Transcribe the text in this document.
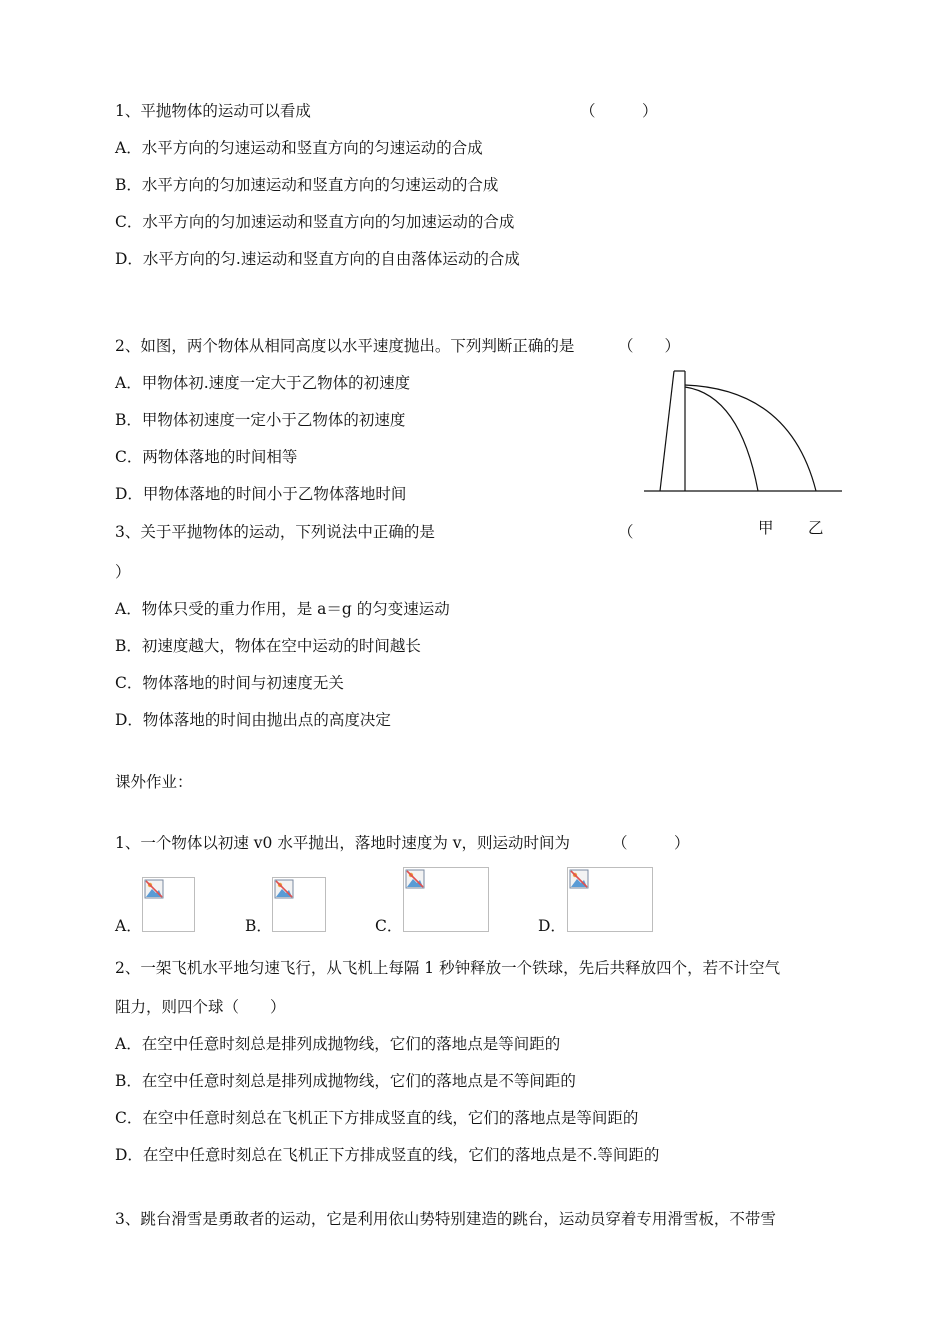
1、平抛物体的运动可以看成	（　　　）
A．水平方向的匀速运动和竖直方向的匀速运动的合成
B．水平方向的匀加速运动和竖直方向的匀速运动的合成
C．水平方向的匀加速运动和竖直方向的匀加速运动的合成
D．水平方向的匀.速运动和竖直方向的自由落体运动的合成
2、如图，两个物体从相同高度以水平速度抛出。下列判断正确的是	（　　）
A．甲物体初.速度一定大于乙物体的初速度
B．甲物体初速度一定小于乙物体的初速度
C．两物体落地的时间相等
D．甲物体落地的时间小于乙物体落地时间
甲 乙
3、关于平抛物体的运动，下列说法中正确的是	（
）
A．物体只受的重力作用，是 a＝g 的匀变速运动
B．初速度越大，物体在空中运动的时间越长
C．物体落地的时间与初速度无关
D．物体落地的时间由抛出点的高度决定
课外作业：
1、一个物体以初速 v0 水平抛出，落地时速度为 v，则运动时间为	（　　　）
A．	B．	C．	D．
2、一架飞机水平地匀速飞行，从飞机上每隔 1 秒钟释放一个铁球，先后共释放四个，若不计空气
阻力，则四个球（　　）
A．在空中任意时刻总是排列成抛物线，它们的落地点是等间距的
B．在空中任意时刻总是排列成抛物线，它们的落地点是不等间距的
C．在空中任意时刻总在飞机正下方排成竖直的线，它们的落地点是等间距的
D．在空中任意时刻总在飞机正下方排成竖直的线，它们的落地点是不.等间距的
3、跳台滑雪是勇敢者的运动，它是利用依山势特别建造的跳台，运动员穿着专用滑雪板，不带雪
